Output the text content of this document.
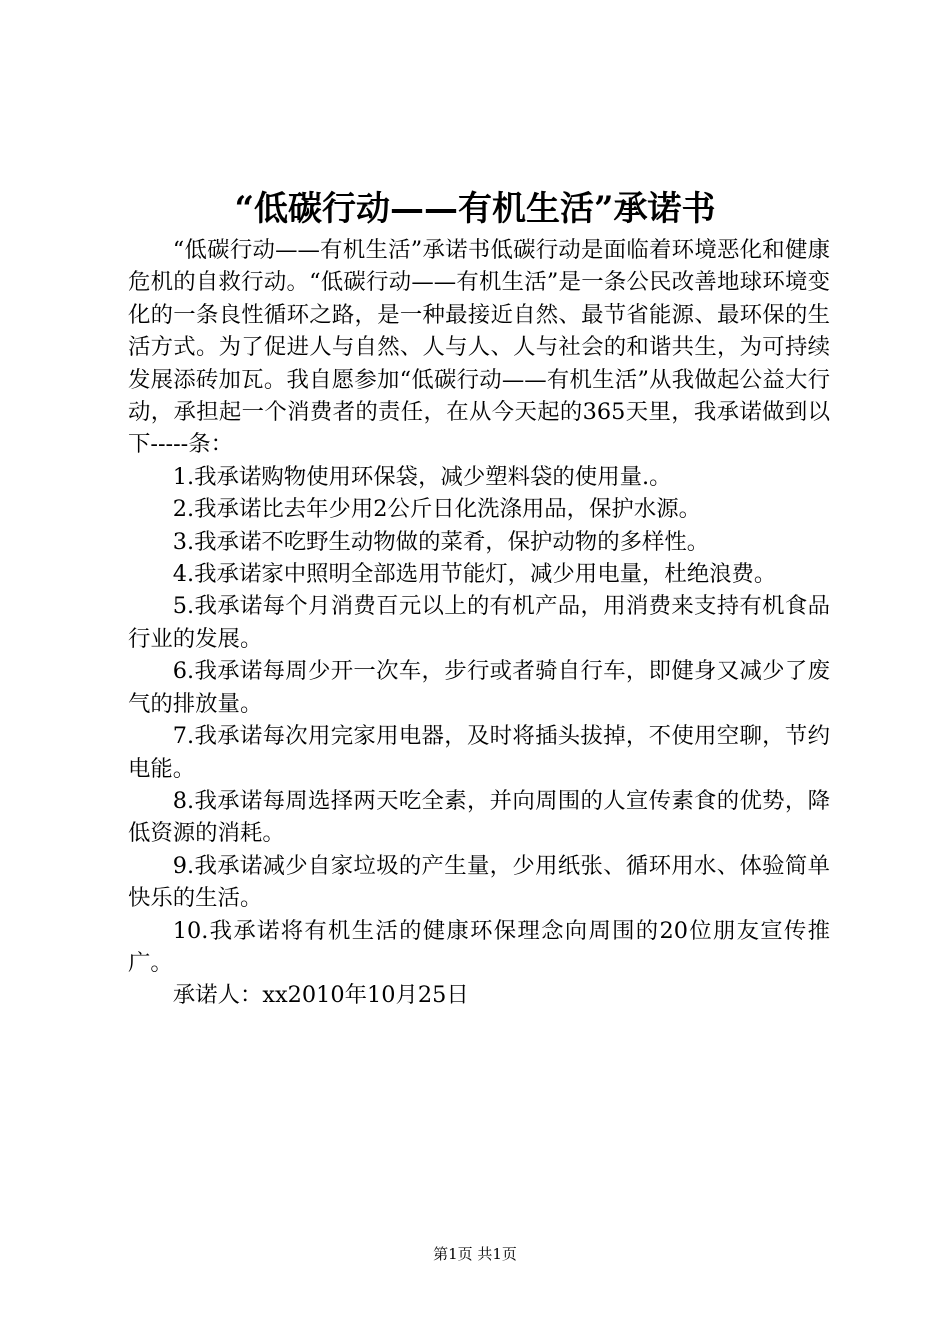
“低碳行动——有机生活”承诺书

“低碳行动——有机生活”承诺书低碳行动是面临着环境恶化和健康危机的自救行动。“低碳行动——有机生活”是一条公民改善地球环境变化的一条良性循环之路，是一种最接近自然、最节省能源、最环保的生活方式。为了促进人与自然、人与人、人与社会的和谐共生，为可持续发展添砖加瓦。我自愿参加“低碳行动——有机生活”从我做起公益大行动，承担起一个消费者的责任，在从今天起的365天里，我承诺做到以下-----条：

1.我承诺购物使用环保袋，减少塑料袋的使用量.。

2.我承诺比去年少用2公斤日化洗涤用品，保护水源。

3.我承诺不吃野生动物做的菜肴，保护动物的多样性。

4.我承诺家中照明全部选用节能灯，减少用电量，杜绝浪费。

5.我承诺每个月消费百元以上的有机产品，用消费来支持有机食品行业的发展。

6.我承诺每周少开一次车，步行或者骑自行车，即健身又减少了废气的排放量。

7.我承诺每次用完家用电器，及时将插头拔掉，不使用空聊，节约电能。

8.我承诺每周选择两天吃全素，并向周围的人宣传素食的优势，降低资源的消耗。

9.我承诺减少自家垃圾的产生量，少用纸张、循环用水、体验简单快乐的生活。

10.我承诺将有机生活的健康环保理念向周围的20位朋友宣传推广。

承诺人：xx2010年10月25日

第1页 共1页
